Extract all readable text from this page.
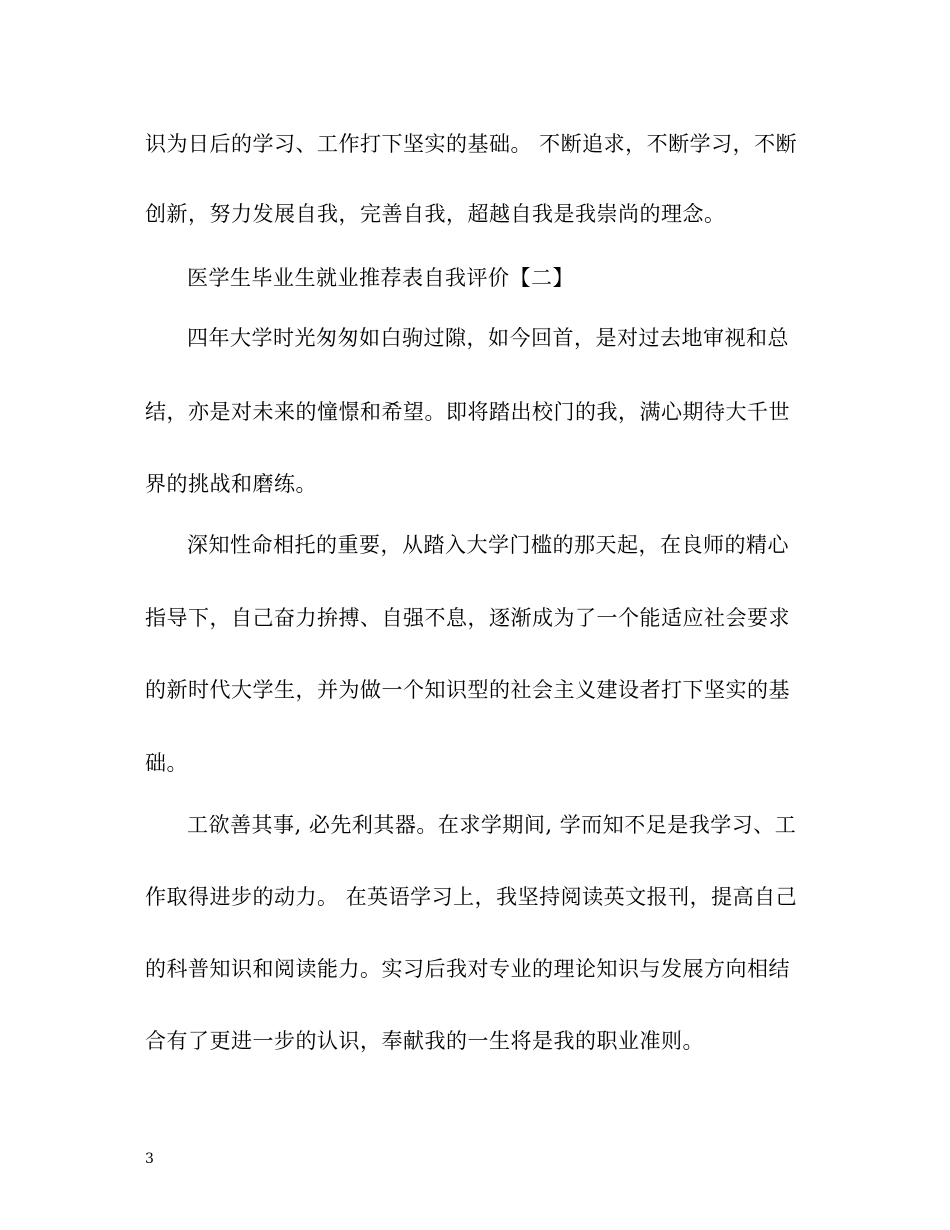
识为日后的学习、工作打下坚实的基础。 不断追求，不断学习，不断
创新，努力发展自我，完善自我，超越自我是我崇尚的理念。
医学生毕业生就业推荐表自我评价【二】
四年大学时光匆匆如白驹过隙，如今回首，是对过去地审视和总
结，亦是对未来的憧憬和希望。即将踏出校门的我，满心期待大千世
界的挑战和磨练。
深知性命相托的重要，从踏入大学门槛的那天起，在良师的精心
指导下，自己奋力拚搏、自强不息，逐渐成为了一个能适应社会要求
的新时代大学生，并为做一个知识型的社会主义建设者打下坚实的基
础。
工欲善其事, 必先利其器。在求学期间, 学而知不足是我学习、工
作取得进步的动力。 在英语学习上，我坚持阅读英文报刊，提高自己
的科普知识和阅读能力。实习后我对专业的理论知识与发展方向相结
合有了更进一步的认识，奉献我的一生将是我的职业准则。
3
